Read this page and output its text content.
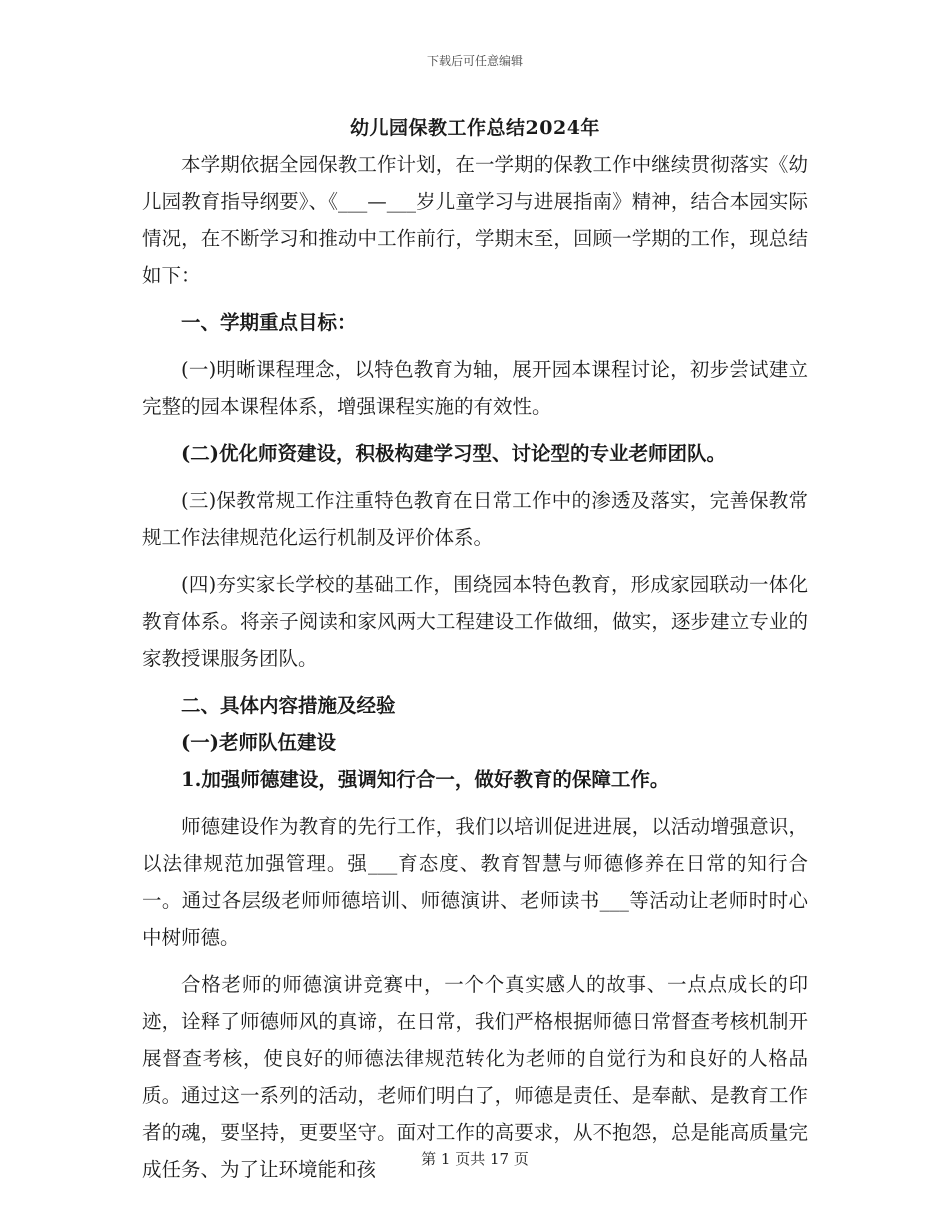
下载后可任意编辑

幼儿园保教工作总结2024年

本学期依据全园保教工作计划，在一学期的保教工作中继续贯彻落实《幼儿园教育指导纲要》、《___—___岁儿童学习与进展指南》精神，结合本园实际情况，在不断学习和推动中工作前行，学期末至，回顾一学期的工作，现总结如下：

一、学期重点目标：

(一)明晰课程理念，以特色教育为轴，展开园本课程讨论，初步尝试建立完整的园本课程体系，增强课程实施的有效性。

(二)优化师资建设，积极构建学习型、讨论型的专业老师团队。

(三)保教常规工作注重特色教育在日常工作中的渗透及落实，完善保教常规工作法律规范化运行机制及评价体系。

(四)夯实家长学校的基础工作，围绕园本特色教育，形成家园联动一体化教育体系。将亲子阅读和家风两大工程建设工作做细，做实，逐步建立专业的家教授课服务团队。

二、具体内容措施及经验

(一)老师队伍建设

1.加强师德建设，强调知行合一，做好教育的保障工作。

师德建设作为教育的先行工作，我们以培训促进进展，以活动增强意识，以法律规范加强管理。强___育态度、教育智慧与师德修养在日常的知行合一。通过各层级老师师德培训、师德演讲、老师读书___等活动让老师时时心中树师德。

合格老师的师德演讲竞赛中，一个个真实感人的故事、一点点成长的印迹，诠释了师德师风的真谛，在日常，我们严格根据师德日常督查考核机制开展督查考核，使良好的师德法律规范转化为老师的自觉行为和良好的人格品质。通过这一系列的活动，老师们明白了，师德是责任、是奉献、是教育工作者的魂，要坚持，更要坚守。面对工作的高要求，从不抱怨，总是能高质量完成任务、为了让环境能和孩	第 1 页共 17 页
